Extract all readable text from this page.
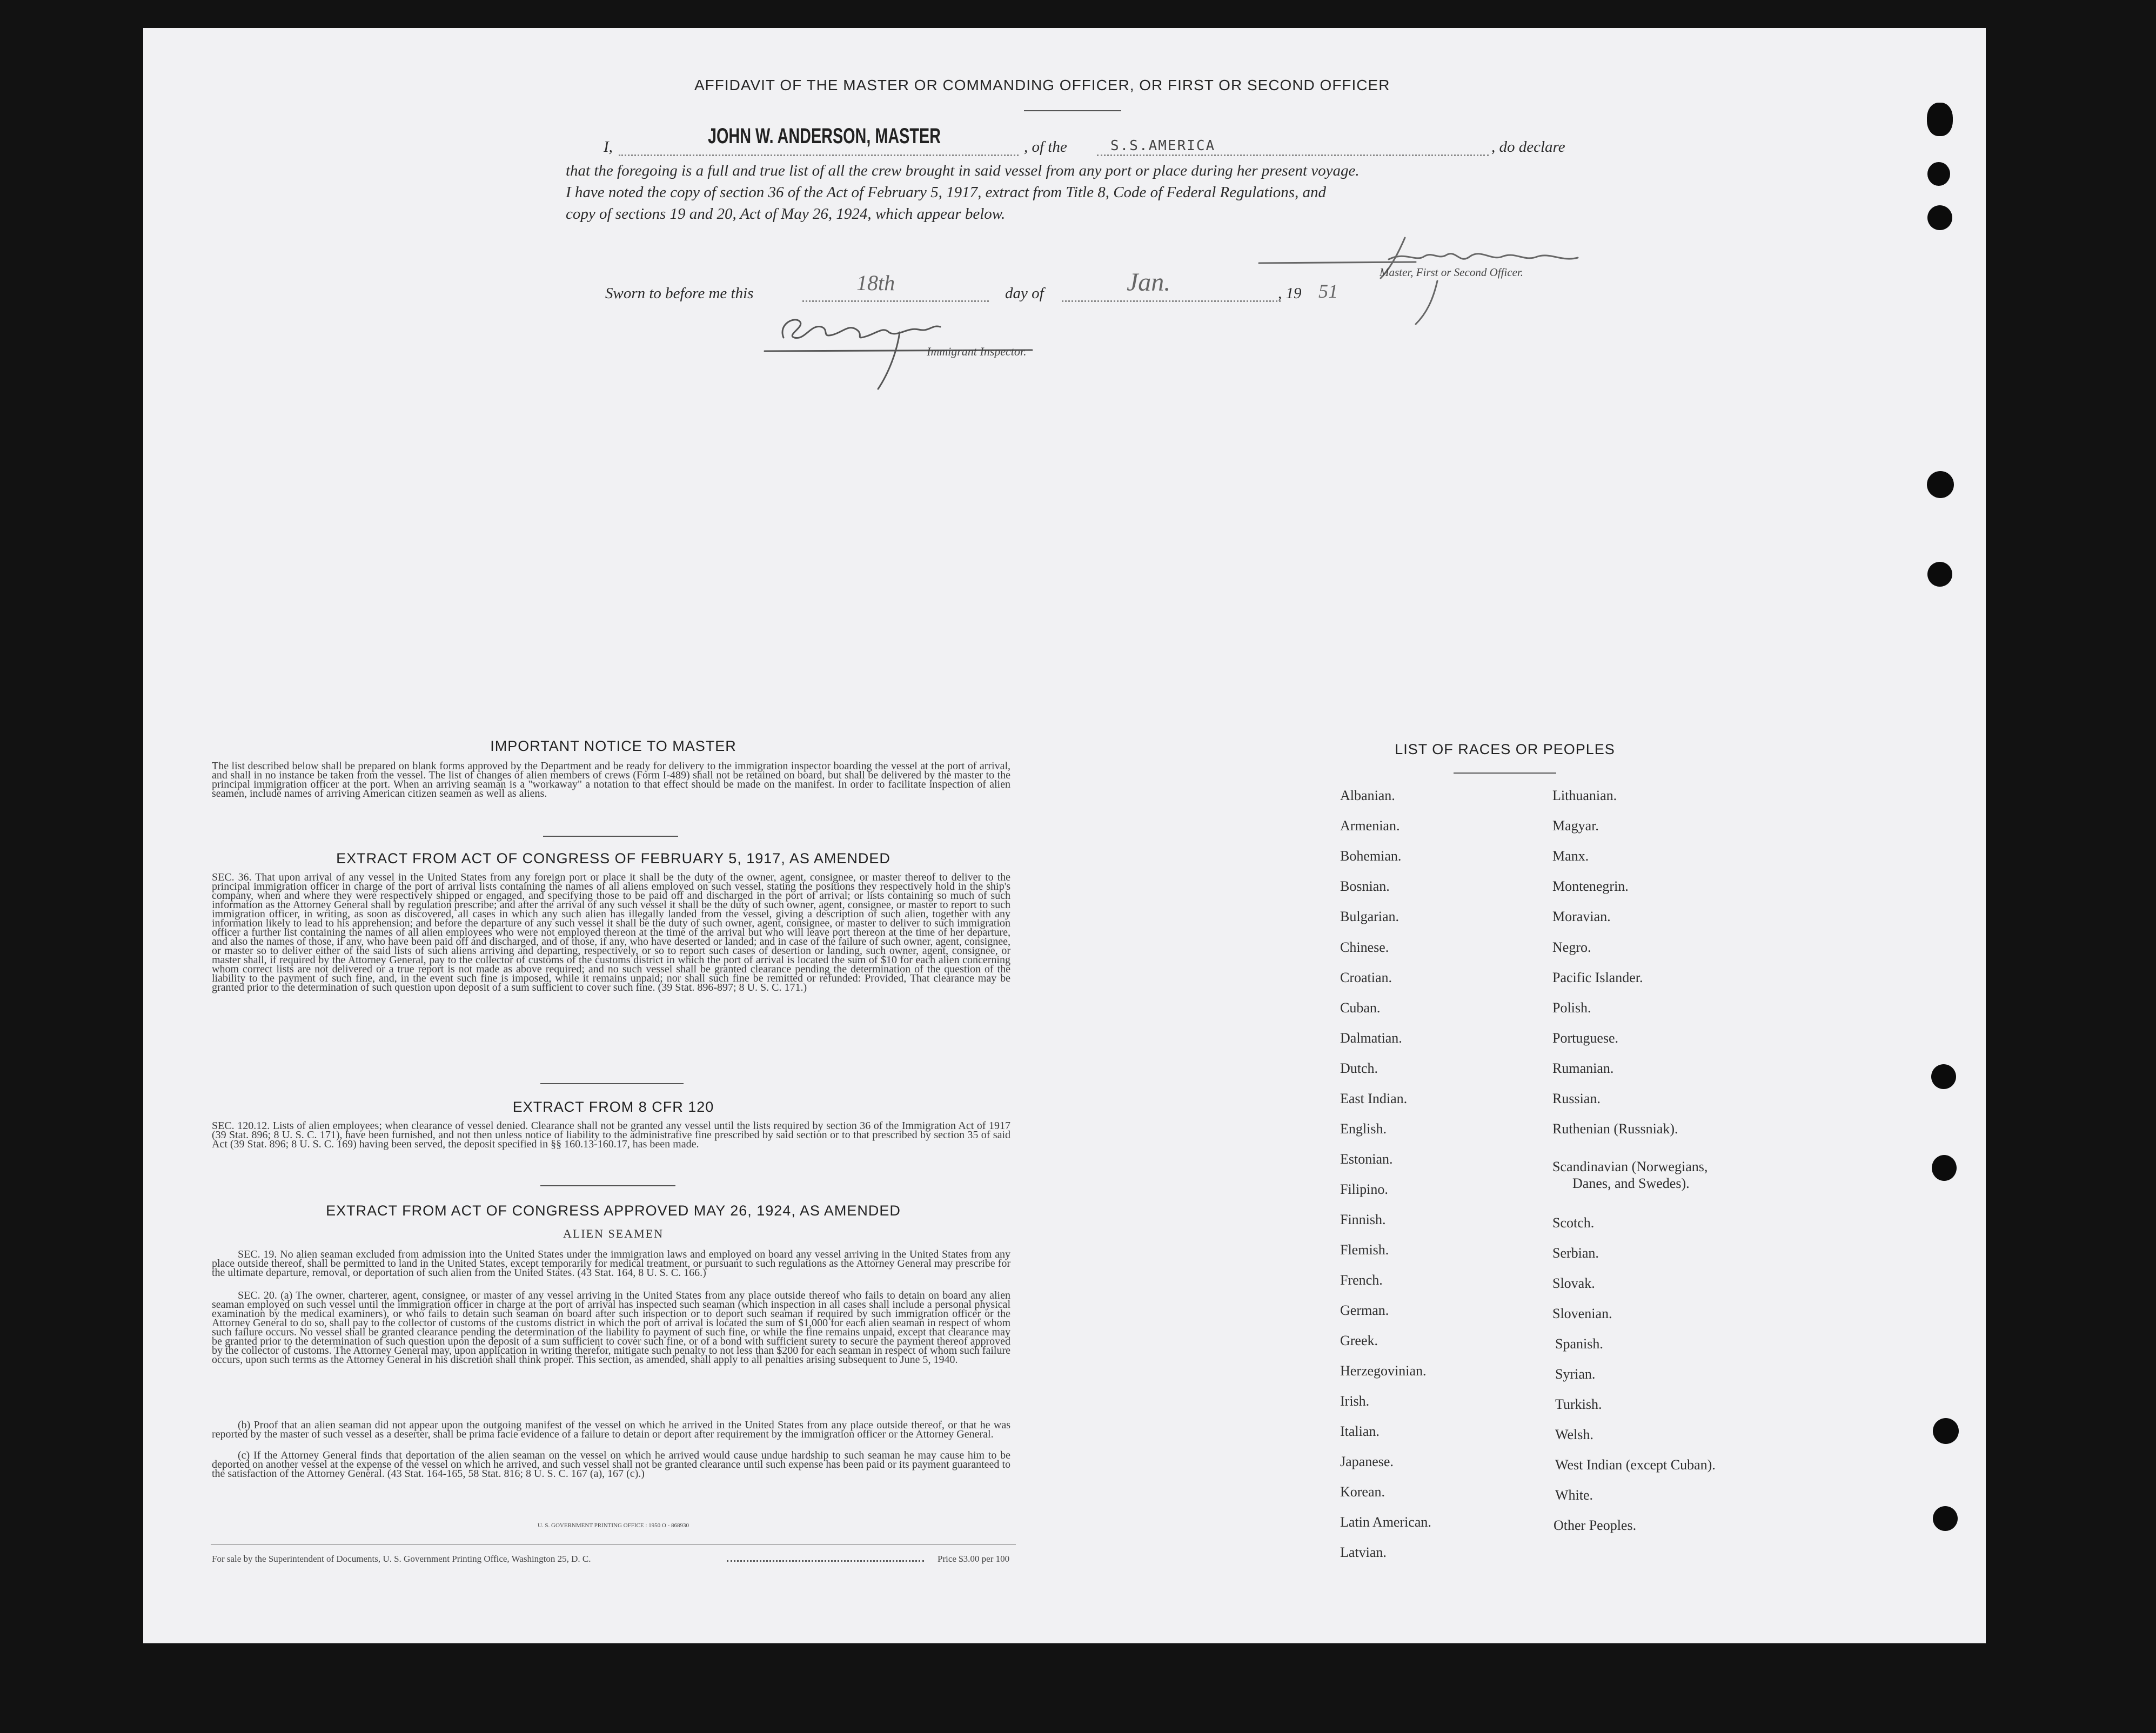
AFFIDAVIT OF THE MASTER OR COMMANDING OFFICER, OR FIRST OR SECOND OFFICER
I,	JOHN W. ANDERSON, MASTER	, of the	S.S.AMERICA	, do declare
that the foregoing is a full and true list of all the crew brought in said vessel from any port or place during her present voyage.
I have noted the copy of section 36 of the Act of February 5, 1917, extract from Title 8, Code of Federal Regulations, and
copy of sections 19 and 20, Act of May 26, 1924, which appear below.
Master, First or Second Officer.
Sworn to before me this	18th	day of	Jan.	, 19 51
Immigrant Inspector.
IMPORTANT NOTICE TO MASTER
The list described below shall be prepared on blank forms approved by the Department and be ready for delivery to the immigration inspector boarding the vessel at the port of arrival, and shall in no instance be taken from the vessel. The list of changes of alien members of crews (Form I-489) shall not be retained on board, but shall be delivered by the master to the principal immigration officer at the port. When an arriving seaman is a "workaway" a notation to that effect should be made on the manifest. In order to facilitate inspection of alien seamen, include names of arriving American citizen seamen as well as aliens.
EXTRACT FROM ACT OF CONGRESS OF FEBRUARY 5, 1917, AS AMENDED
SEC. 36. That upon arrival of any vessel in the United States from any foreign port or place it shall be the duty of the owner, agent, consignee, or master thereof to deliver to the principal immigration officer in charge of the port of arrival lists containing the names of all aliens employed on such vessel, stating the positions they respectively hold in the ship's company, when and where they were respectively shipped or engaged, and specifying those to be paid off and discharged in the port of arrival; or lists containing so much of such information as the Attorney General shall by regulation prescribe; and after the arrival of any such vessel it shall be the duty of such owner, agent, consignee, or master to report to such immigration officer, in writing, as soon as discovered, all cases in which any such alien has illegally landed from the vessel, giving a description of such alien, together with any information likely to lead to his apprehension; and before the departure of any such vessel it shall be the duty of such owner, agent, consignee, or master to deliver to such immigration officer a further list containing the names of all alien employees who were not employed thereon at the time of the arrival but who will leave port thereon at the time of her departure, and also the names of those, if any, who have been paid off and discharged, and of those, if any, who have deserted or landed; and in case of the failure of such owner, agent, consignee, or master so to deliver either of the said lists of such aliens arriving and departing, respectively, or so to report such cases of desertion or landing, such owner, agent, consignee, or master shall, if required by the Attorney General, pay to the collector of customs of the customs district in which the port of arrival is located the sum of $10 for each alien concerning whom correct lists are not delivered or a true report is not made as above required; and no such vessel shall be granted clearance pending the determination of the question of the liability to the payment of such fine, and, in the event such fine is imposed, while it remains unpaid; nor shall such fine be remitted or refunded: Provided, That clearance may be granted prior to the determination of such question upon deposit of a sum sufficient to cover such fine. (39 Stat. 896-897; 8 U. S. C. 171.)
EXTRACT FROM 8 CFR 120
SEC. 120.12. Lists of alien employees; when clearance of vessel denied. Clearance shall not be granted any vessel until the lists required by section 36 of the Immigration Act of 1917 (39 Stat. 896; 8 U. S. C. 171), have been furnished, and not then unless notice of liability to the administrative fine prescribed by said section or to that prescribed by section 35 of said Act (39 Stat. 896; 8 U. S. C. 169) having been served, the deposit specified in §§ 160.13-160.17, has been made.
EXTRACT FROM ACT OF CONGRESS APPROVED MAY 26, 1924, AS AMENDED
ALIEN SEAMEN
SEC. 19. No alien seaman excluded from admission into the United States under the immigration laws and employed on board any vessel arriving in the United States from any place outside thereof, shall be permitted to land in the United States, except temporarily for medical treatment, or pursuant to such regulations as the Attorney General may prescribe for the ultimate departure, removal, or deportation of such alien from the United States. (43 Stat. 164, 8 U. S. C. 166.)
SEC. 20. (a) The owner, charterer, agent, consignee, or master of any vessel arriving in the United States from any place outside thereof who fails to detain on board any alien seaman employed on such vessel until the immigration officer in charge at the port of arrival has inspected such seaman (which inspection in all cases shall include a personal physical examination by the medical examiners), or who fails to detain such seaman on board after such inspection or to deport such seaman if required by such immigration officer or the Attorney General to do so, shall pay to the collector of customs of the customs district in which the port of arrival is located the sum of $1,000 for each alien seaman in respect of whom such failure occurs. No vessel shall be granted clearance pending the determination of the liability to payment of such fine, or while the fine remains unpaid, except that clearance may be granted prior to the determination of such question upon the deposit of a sum sufficient to cover such fine, or of a bond with sufficient surety to secure the payment thereof approved by the collector of customs. The Attorney General may, upon application in writing therefor, mitigate such penalty to not less than $200 for each seaman in respect of whom such failure occurs, upon such terms as the Attorney General in his discretion shall think proper. This section, as amended, shall apply to all penalties arising subsequent to June 5, 1940.
(b) Proof that an alien seaman did not appear upon the outgoing manifest of the vessel on which he arrived in the United States from any place outside thereof, or that he was reported by the master of such vessel as a deserter, shall be prima facie evidence of a failure to detain or deport after requirement by the immigration officer or the Attorney General.
(c) If the Attorney General finds that deportation of the alien seaman on the vessel on which he arrived would cause undue hardship to such seaman he may cause him to be deported on another vessel at the expense of the vessel on which he arrived, and such vessel shall not be granted clearance until such expense has been paid or its payment guaranteed to the satisfaction of the Attorney General. (43 Stat. 164-165, 58 Stat. 816; 8 U. S. C. 167 (a), 167 (c).)
U. S. GOVERNMENT PRINTING OFFICE : 1950 O - 868930
For sale by the Superintendent of Documents, U. S. Government Printing Office, Washington 25, D. C.	Price $3.00 per 100
LIST OF RACES OR PEOPLES
Albanian.
Armenian.
Bohemian.
Bosnian.
Bulgarian.
Chinese.
Croatian.
Cuban.
Dalmatian.
Dutch.
East Indian.
English.
Estonian.
Filipino.
Finnish.
Flemish.
French.
German.
Greek.
Herzegovinian.
Irish.
Italian.
Japanese.
Korean.
Latin American.
Latvian.
Lithuanian.
Magyar.
Manx.
Montenegrin.
Moravian.
Negro.
Pacific Islander.
Polish.
Portuguese.
Rumanian.
Russian.
Ruthenian (Russniak).
Scandinavian (Norwegians,
Danes, and Swedes).
Scotch.
Serbian.
Slovak.
Slovenian.
Spanish.
Syrian.
Turkish.
Welsh.
West Indian (except Cuban).
White.
Other Peoples.
